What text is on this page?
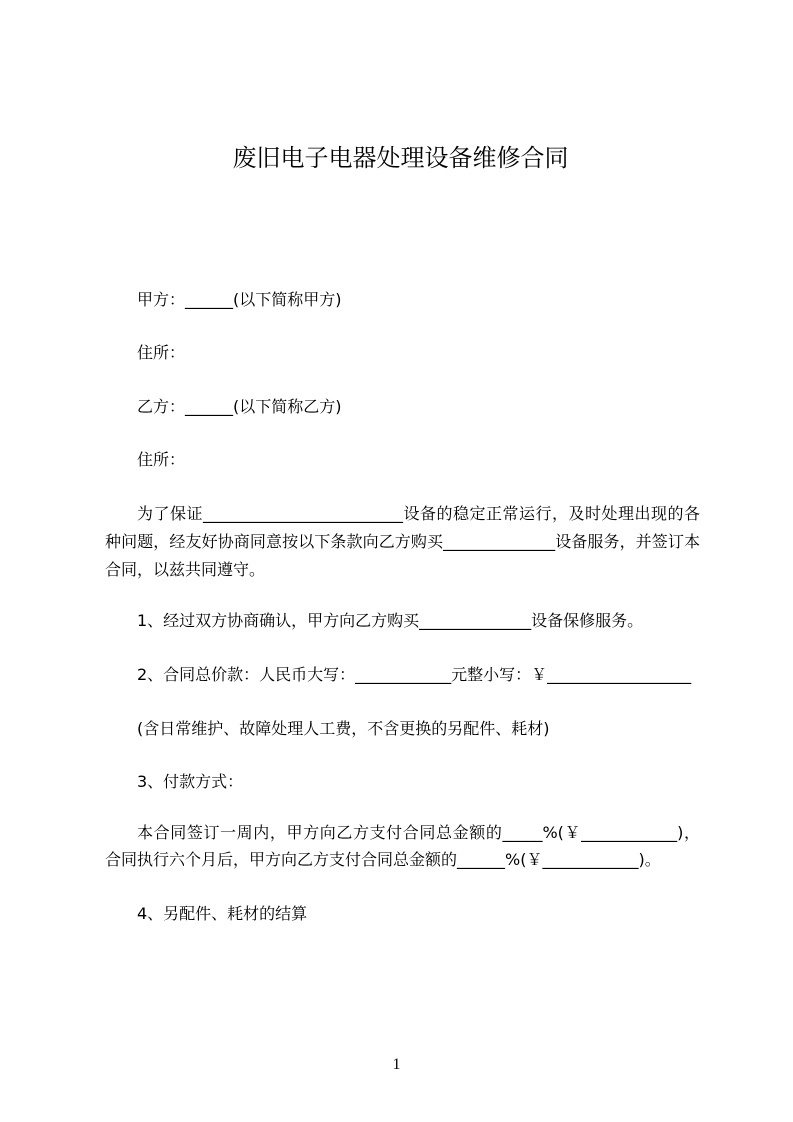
废旧电子电器处理设备维修合同
甲方：______(以下简称甲方)
住所：
乙方：______(以下简称乙方)
住所：
为了保证_________________________设备的稳定正常运行，及时处理出现的各
种问题，经友好协商同意按以下条款向乙方购买______________设备服务，并签订本
合同，以兹共同遵守。
1、经过双方协商确认，甲方向乙方购买______________设备保修服务。
2、合同总价款：人民币大写：____________元整小写：￥__________________
(含日常维护、故障处理人工费，不含更换的另配件、耗材)
3、付款方式：
本合同签订一周内，甲方向乙方支付合同总金额的_____%(￥____________)，
合同执行六个月后，甲方向乙方支付合同总金额的______%(￥____________)。
4、另配件、耗材的结算
1
